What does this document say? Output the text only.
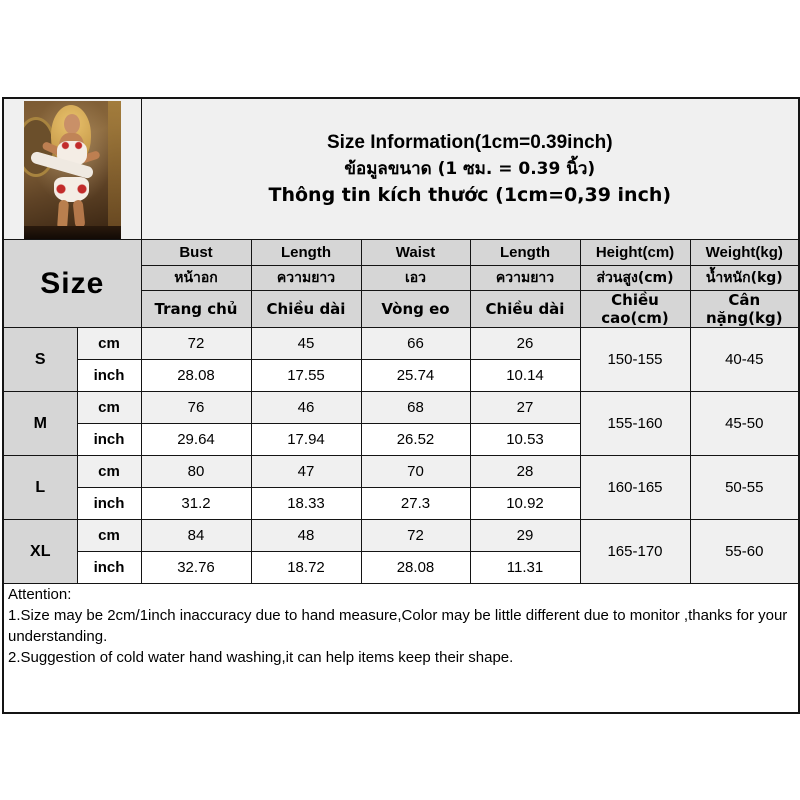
		Size Information(1cm=0.39inch)
ข้อมูลขนาด (1 ซม. = 0.39 นิ้ว)
Thông tin kích thước (1cm=0,39 inch)					

Size		Bust	Length	Waist	Length	Height(cm)	Weight(kg)
		หน้าอก	ความยาว	เอว	ความยาว	ส่วนสูง(cm)	น้ำหนัก(kg)
		Trang chủ	Chiều dài	Vòng eo	Chiều dài	Chiều cao(cm)	Cân nặng(kg)
S	cm	72	45	66	26	150-155	40-45
	inch	28.08	17.55	25.74	10.14		
M	cm	76	46	68	27	155-160	45-50
	inch	29.64	17.94	26.52	10.53		
L	cm	80	47	70	28	160-165	50-55
	inch	31.2	18.33	27.3	10.92		
XL	cm	84	48	72	29	165-170	55-60
	inch	32.76	18.72	28.08	11.31		

Attention:
1.Size may be 2cm/1inch inaccuracy due to hand measure,Color may be little different due to monitor ,thanks for your understanding.
2.Suggestion of cold water hand washing,it can help items keep their shape.							
